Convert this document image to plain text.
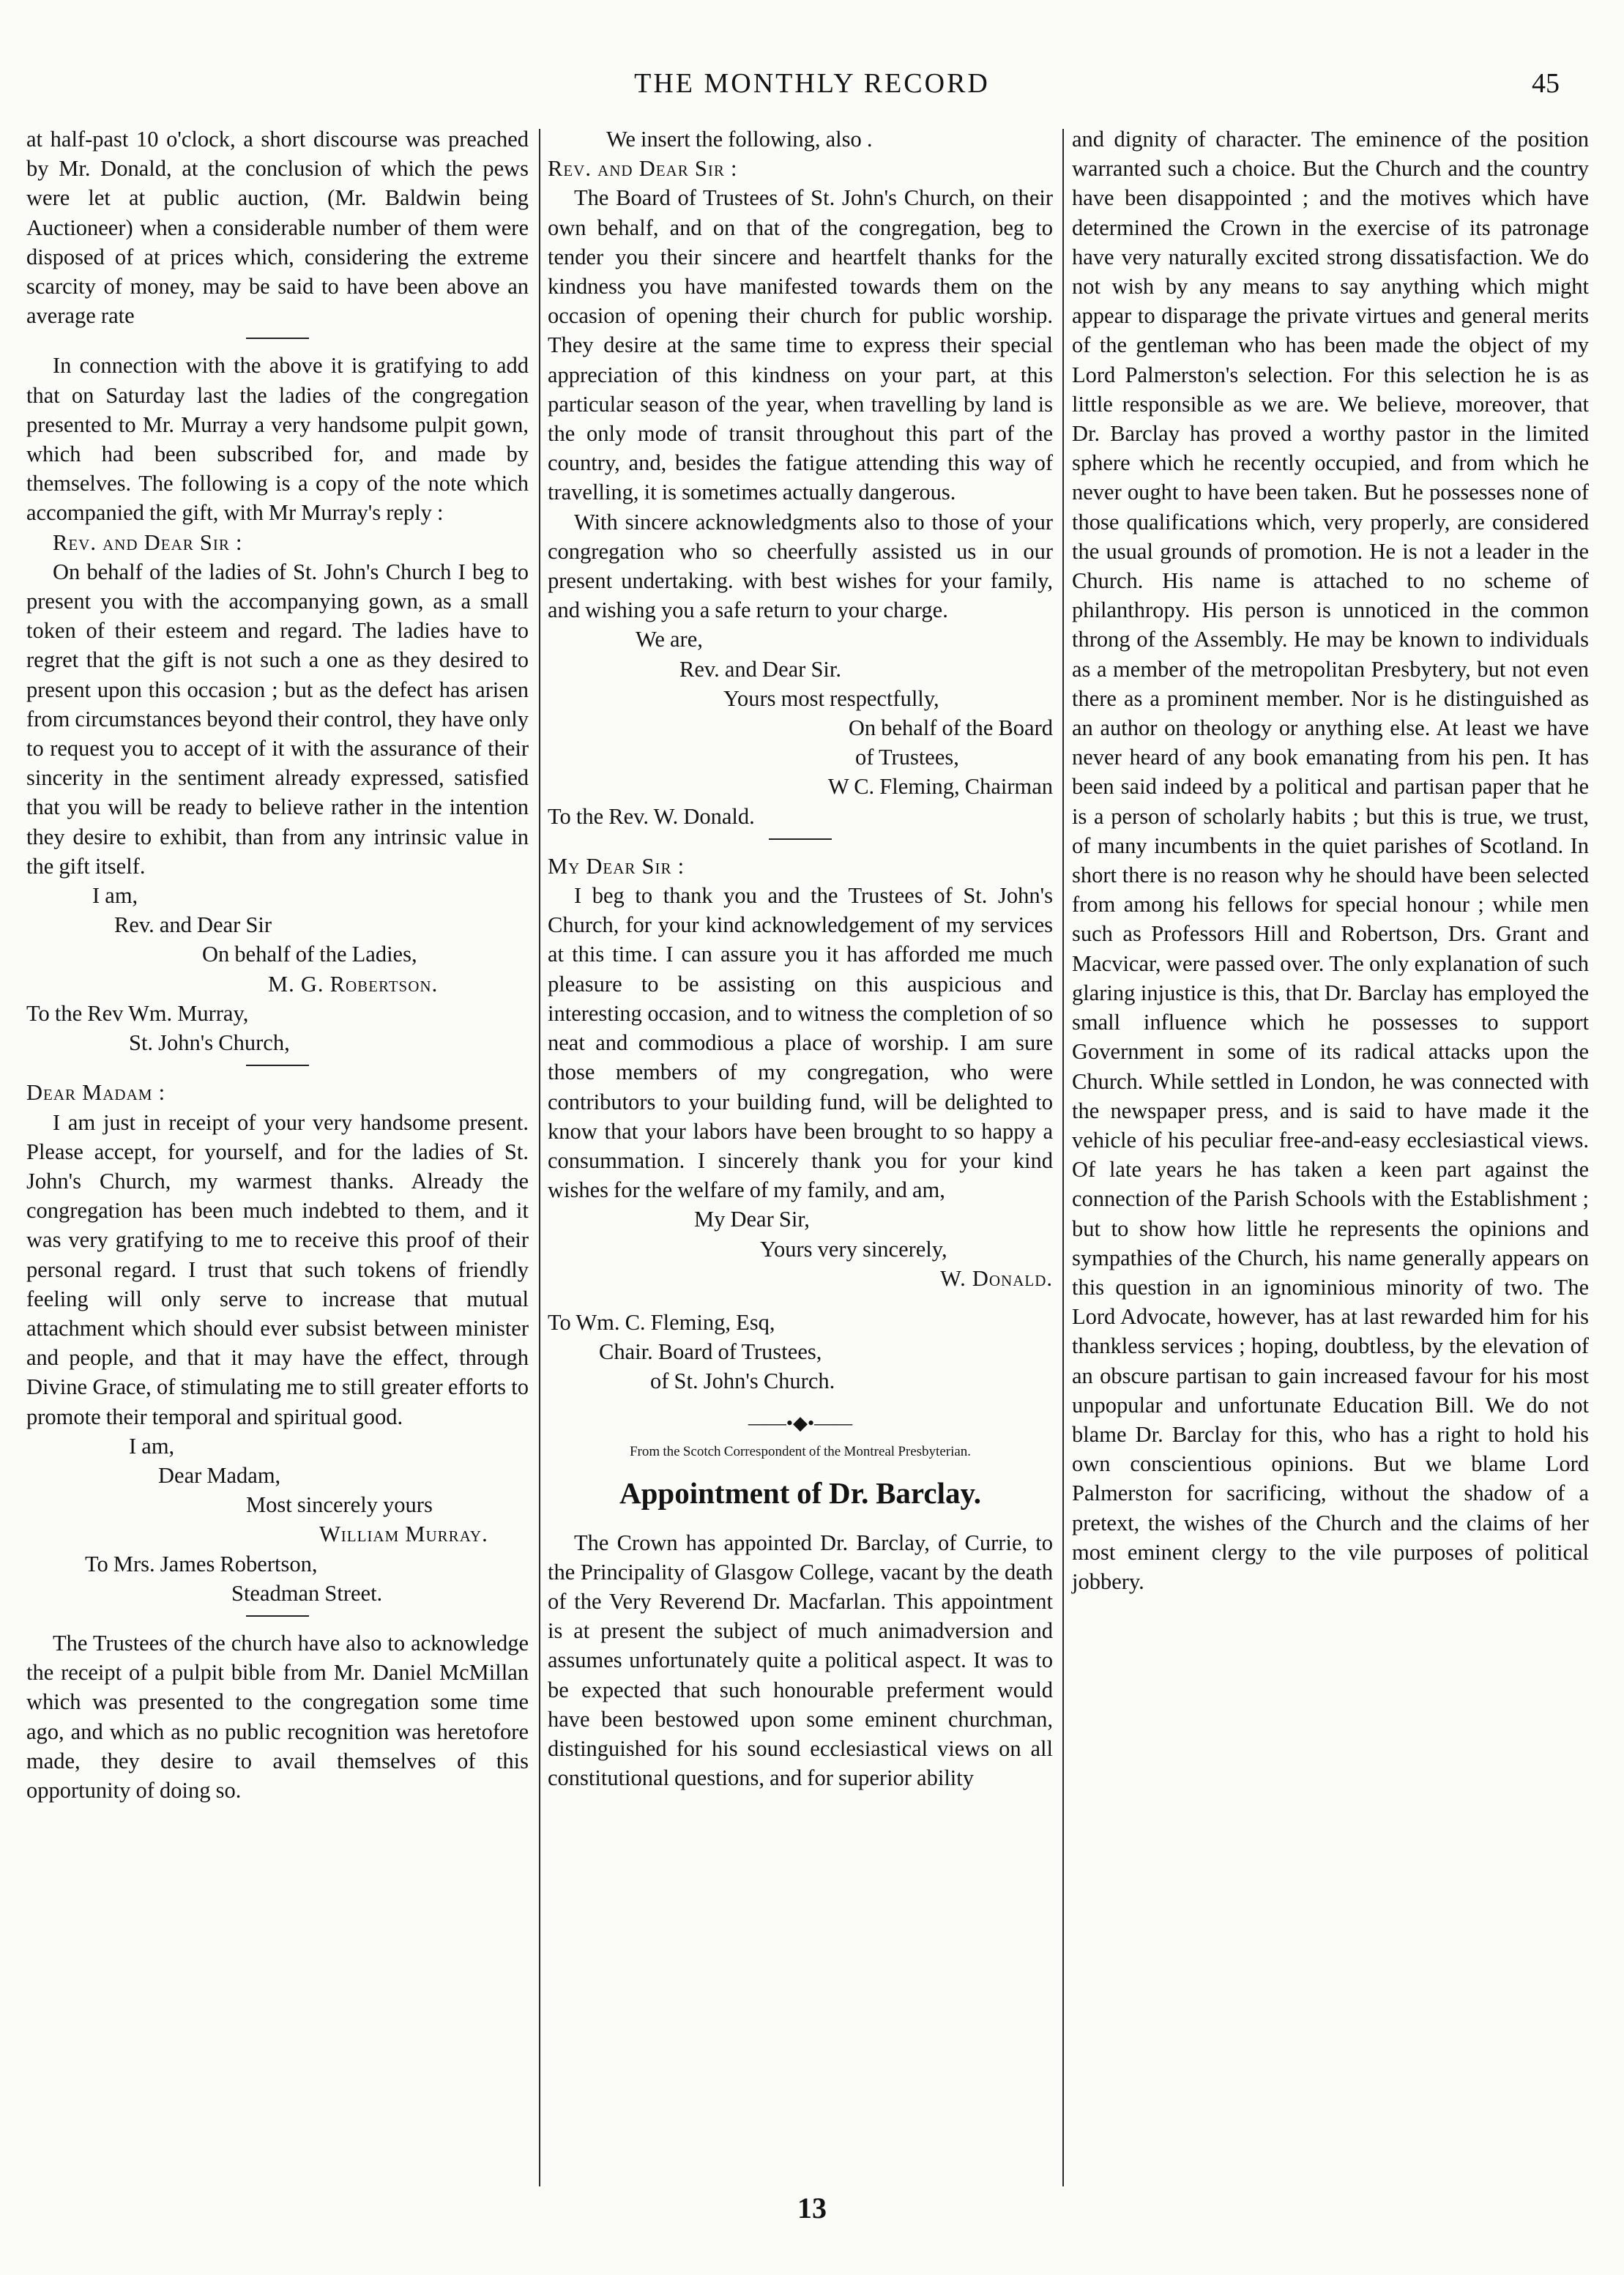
THE MONTHLY RECORD	45

at half-past 10 o'clock, a short discourse was preached by Mr. Donald, at the conclusion of which the pews were let at public auction, (Mr. Baldwin being Auctioneer) when a considerable number of them were disposed of at prices which, considering the extreme scarcity of money, may be said to have been above an average rate

In connection with the above it is gratifying to add that on Saturday last the ladies of the congregation presented to Mr. Murray a very handsome pulpit gown, which had been subscribed for, and made by themselves. The following is a copy of the note which accompanied the gift, with Mr Murray's reply :

Rev. and Dear Sir :

On behalf of the ladies of St. John's Church I beg to present you with the accompanying gown, as a small token of their esteem and regard. The ladies have to regret that the gift is not such a one as they desired to present upon this occasion ; but as the defect has arisen from circumstances beyond their control, they have only to request you to accept of it with the assurance of their sincerity in the sentiment already expressed, satisfied that you will be ready to believe rather in the intention they desire to exhibit, than from any intrinsic value in the gift itself.

I am,

Rev. and Dear Sir

On behalf of the Ladies,

M. G. Robertson.

To the Rev Wm. Murray,

St. John's Church,

Dear Madam :

I am just in receipt of your very handsome present. Please accept, for yourself, and for the ladies of St. John's Church, my warmest thanks. Already the congregation has been much indebted to them, and it was very gratifying to me to receive this proof of their personal regard. I trust that such tokens of friendly feeling will only serve to increase that mutual attachment which should ever subsist between minister and people, and that it may have the effect, through Divine Grace, of stimulating me to still greater efforts to promote their temporal and spiritual good.

I am,

Dear Madam,

Most sincerely yours

William Murray.

To Mrs. James Robertson,

Steadman Street.

The Trustees of the church have also to acknowledge the receipt of a pulpit bible from Mr. Daniel McMillan which was presented to the congregation some time ago, and which as no public recognition was heretofore made, they desire to avail themselves of this opportunity of doing so.

We insert the following, also .

Rev. and Dear Sir :

The Board of Trustees of St. John's Church, on their own behalf, and on that of the congregation, beg to tender you their sincere and heartfelt thanks for the kindness you have manifested towards them on the occasion of opening their church for public worship. They desire at the same time to express their special appreciation of this kindness on your part, at this particular season of the year, when travelling by land is the only mode of transit throughout this part of the country, and, besides the fatigue attending this way of travelling, it is sometimes actually dangerous.

With sincere acknowledgments also to those of your congregation who so cheerfully assisted us in our present undertaking. with best wishes for your family, and wishing you a safe return to your charge.

We are,

Rev. and Dear Sir.

Yours most respectfully,

On behalf of the Board

of Trustees,

W C. Fleming, Chairman

To the Rev. W. Donald.

My Dear Sir :

I beg to thank you and the Trustees of St. John's Church, for your kind acknowledgement of my services at this time. I can assure you it has afforded me much pleasure to be assisting on this auspicious and interesting occasion, and to witness the completion of so neat and commodious a place of worship. I am sure those members of my congregation, who were contributors to your building fund, will be delighted to know that your labors have been brought to so happy a consummation. I sincerely thank you for your kind wishes for the welfare of my family, and am,

My Dear Sir,

Yours very sincerely,

W. Donald.

To Wm. C. Fleming, Esq,

Chair. Board of Trustees,

of St. John's Church.

——•◆•——

From the Scotch Correspondent of the Montreal Presbyterian.

Appointment of Dr. Barclay.

The Crown has appointed Dr. Barclay, of Currie, to the Principality of Glasgow College, vacant by the death of the Very Reverend Dr. Macfarlan. This appointment is at present the subject of much animadversion and assumes unfortunately quite a political aspect. It was to be expected that such honourable preferment would have been bestowed upon some eminent churchman, distinguished for his sound ecclesiastical views on all constitutional questions, and for superior ability

and dignity of character. The eminence of the position warranted such a choice. But the Church and the country have been disappointed ; and the motives which have determined the Crown in the exercise of its patronage have very naturally excited strong dissatisfaction. We do not wish by any means to say anything which might appear to disparage the private virtues and general merits of the gentleman who has been made the object of my Lord Palmerston's selection. For this selection he is as little responsible as we are. We believe, moreover, that Dr. Barclay has proved a worthy pastor in the limited sphere which he recently occupied, and from which he never ought to have been taken. But he possesses none of those qualifications which, very properly, are considered the usual grounds of promotion. He is not a leader in the Church. His name is attached to no scheme of philanthropy. His person is unnoticed in the common throng of the Assembly. He may be known to individuals as a member of the metropolitan Presbytery, but not even there as a prominent member. Nor is he distinguished as an author on theology or anything else. At least we have never heard of any book emanating from his pen. It has been said indeed by a political and partisan paper that he is a person of scholarly habits ; but this is true, we trust, of many incumbents in the quiet parishes of Scotland. In short there is no reason why he should have been selected from among his fellows for special honour ; while men such as Professors Hill and Robertson, Drs. Grant and Macvicar, were passed over. The only explanation of such glaring injustice is this, that Dr. Barclay has employed the small influence which he possesses to support Government in some of its radical attacks upon the Church. While settled in London, he was connected with the newspaper press, and is said to have made it the vehicle of his peculiar free-and-easy ecclesiastical views. Of late years he has taken a keen part against the connection of the Parish Schools with the Establishment ; but to show how little he represents the opinions and sympathies of the Church, his name generally appears on this question in an ignominious minority of two. The Lord Advocate, however, has at last rewarded him for his thankless services ; hoping, doubtless, by the elevation of an obscure partisan to gain increased favour for his most unpopular and unfortunate Education Bill. We do not blame Dr. Barclay for this, who has a right to hold his own conscientious opinions. But we blame Lord Palmerston for sacrificing, without the shadow of a pretext, the wishes of the Church and the claims of her most eminent clergy to the vile purposes of political jobbery.

13
